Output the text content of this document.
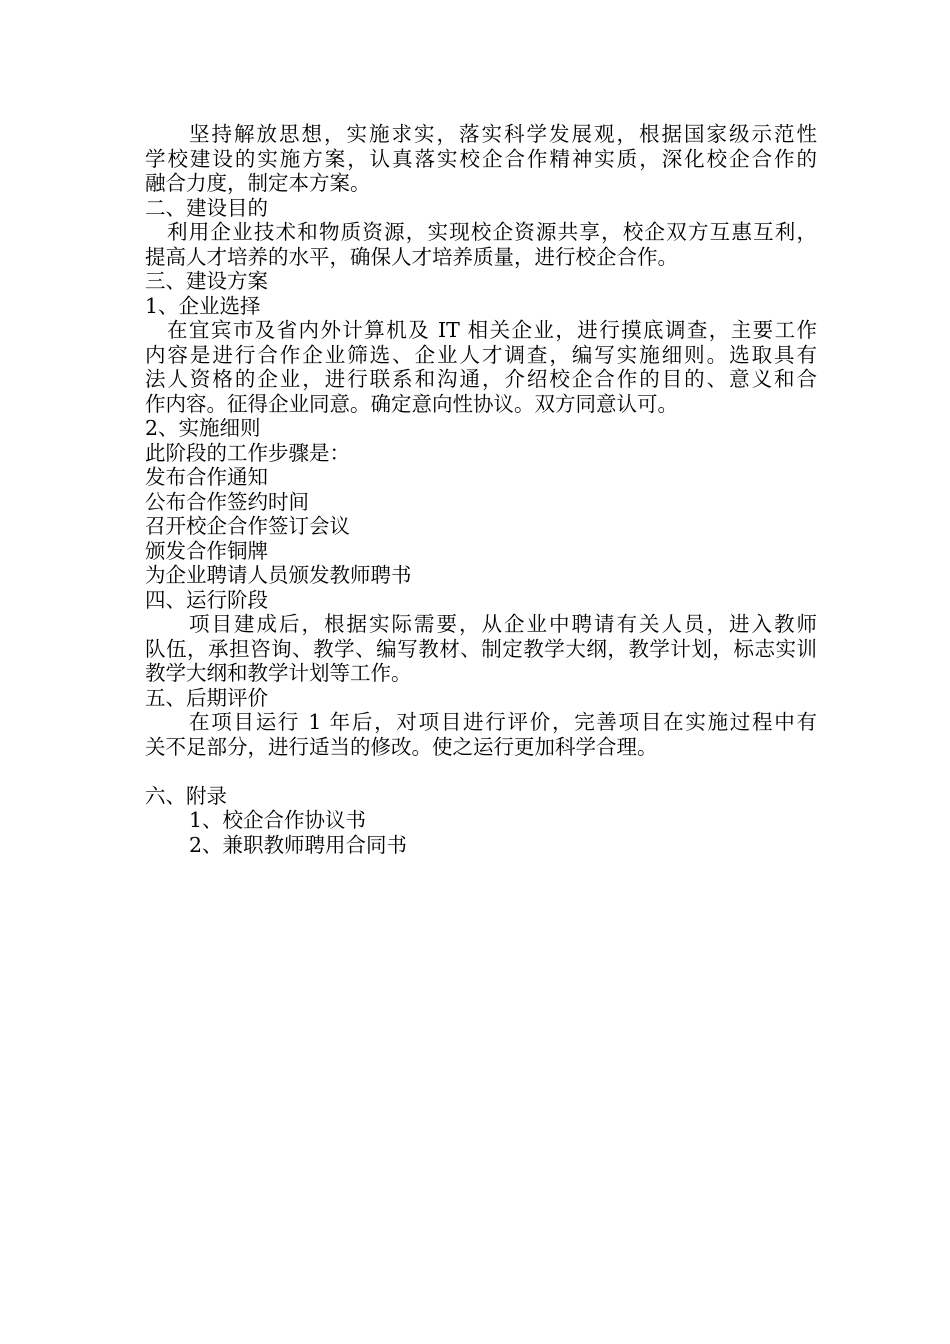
坚持解放思想，实施求实，落实科学发展观，根据国家级示范性
学校建设的实施方案，认真落实校企合作精神实质，深化校企合作的
融合力度，制定本方案。
二、建设目的
利用企业技术和物质资源，实现校企资源共享，校企双方互惠互利，
提高人才培养的水平，确保人才培养质量，进行校企合作。
三、建设方案
1、企业选择
在宜宾市及省内外计算机及 IT 相关企业，进行摸底调查，主要工作
内容是进行合作企业筛选、企业人才调查，编写实施细则。选取具有
法人资格的企业，进行联系和沟通，介绍校企合作的目的、意义和合
作内容。征得企业同意。确定意向性协议。双方同意认可。
2、实施细则
此阶段的工作步骤是：
发布合作通知
公布合作签约时间
召开校企合作签订会议
颁发合作铜牌
为企业聘请人员颁发教师聘书
四、运行阶段
项目建成后，根据实际需要，从企业中聘请有关人员，进入教师
队伍，承担咨询、教学、编写教材、制定教学大纲，教学计划，标志实训
教学大纲和教学计划等工作。
五、后期评价
在项目运行 1 年后，对项目进行评价，完善项目在实施过程中有
关不足部分，进行适当的修改。使之运行更加科学合理。
六、附录
1、校企合作协议书
2、兼职教师聘用合同书
